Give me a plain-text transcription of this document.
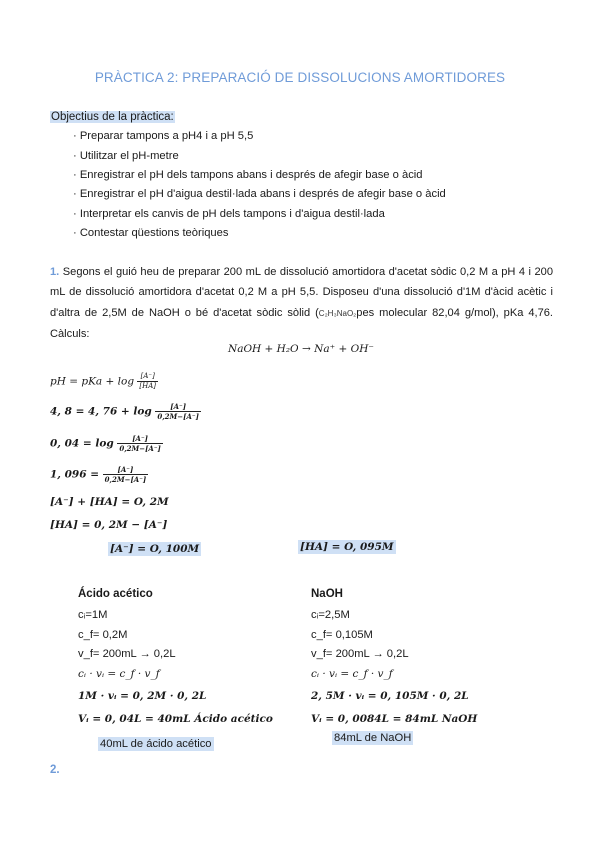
PRÀCTICA 2: PREPARACIÓ DE DISSOLUCIONS AMORTIDORES
Objectius de la pràctica:
· Preparar tampons a pH4 i a pH 5,5
· Utilitzar el pH-metre
· Enregistrar el pH dels tampons abans i després de afegir base o àcid
· Enregistrar el pH d'aigua destil·lada abans i després de afegir base o àcid
· Interpretar els canvis de pH dels tampons i d'aigua destil·lada
· Contestar qüestions teòriques
1. Segons el guió heu de preparar 200 mL de dissolució amortidora d'acetat sòdic 0,2 M a pH 4 i 200 mL de dissolució amortidora d'acetat 0,2 M a pH 5,5. Disposeu d'una dissolució d'1M d'àcid acètic i d'altra de 2,5M de NaOH o bé d'acetat sòdic sòlid (C₂H₃NaO₂pes molecular 82,04 g/mol), pKa 4,76. Càlculs:
NaOH + H₂O → Na⁺ + OH⁻
pH = pKa + $\log \frac{[A^-]}{[HA]}$
4, 8 = 4, $76 + \log \frac{[A^-]}{0,2M-[A^-]}$
0, $04 = \log \frac{[A^-]}{0,2M-[A^-]}$
1, $096 = \frac{[A^-]}{0,2M-[A^-]}$
[A⁻] + [HA] = O, 2M
[HA] = 0, 2M − [A⁻]
[A⁻] = O, 100M	[HA] = O, 095M
Ácido acético
cᵢ=1M
c_f= 0,2M
v_f= 200mL → 0,2L
cᵢ · vᵢ = c_f · v_f
1M · vᵢ = 0, 2M · 0, 2L
Vᵢ = 0, 04L = 40mL Ácido acético
40mL de ácido acético
NaOH
cᵢ=2,5M
c_f= 0,105M
v_f= 200mL → 0,2L
cᵢ · vᵢ = c_f · v_f
2, 5M · vᵢ = 0, 105M · 0, 2L
Vᵢ = 0, 0084L = 84mL NaOH
84mL de NaOH
2.
